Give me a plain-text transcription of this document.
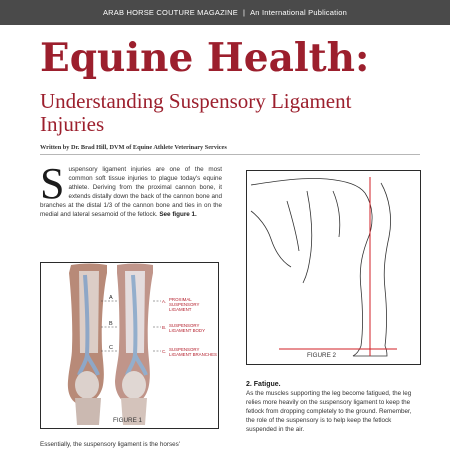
ARAB HORSE COUTURE MAGAZINE | An International Publication
Equine Health:
Understanding Suspensory Ligament Injuries
Written by Dr. Brad Hill, DVM of Equine Athlete Veterinary Services

Suspensory ligament injuries are one of the most common soft tissue injuries to plague today's equine athlete. Deriving from the proximal cannon bone, it extends distally down the back of the cannon bone and branches at the distal 1/3 of the cannon bone and ties in on the medial and lateral sesamoid of the fetlock. See figure 1.

A
B
C
A. PROXIMAL SUSPENSORY LIGAMENT
B. SUSPENSORY LIGAMENT BODY
C. SUSPENSORY LIGAMENT BRANCHES
FIGURE 1
FIGURE 2
2. Fatigue.

As the muscles supporting the leg become fatigued, the leg relies more heavily on the suspensory ligament to keep the fetlock from dropping completely to the ground. Remember, the role of the suspensory is to help keep the fetlock suspended in the air.

Essentially, the suspensory ligament is the horses'
